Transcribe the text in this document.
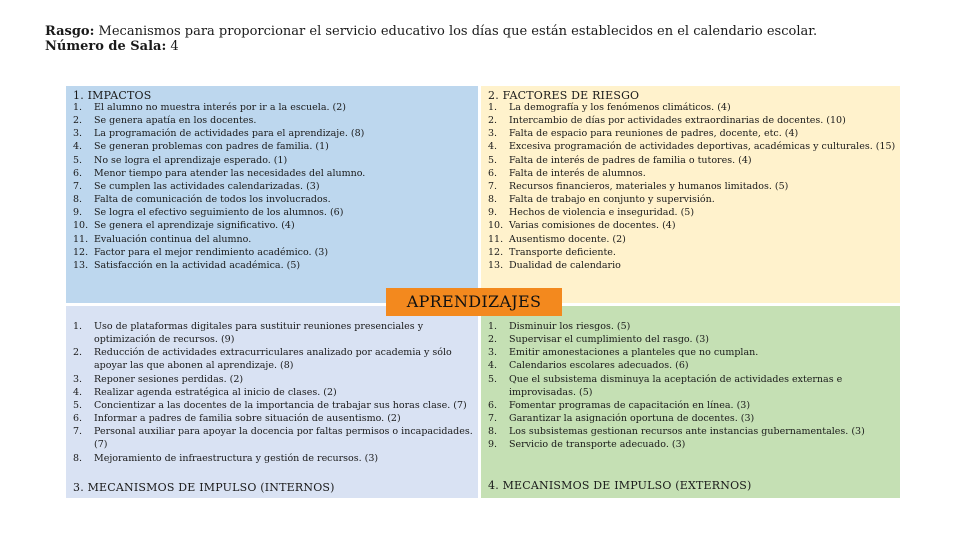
Rasgo: Mecanismos para proporcionar el servicio educativo los días que están establecidos en el calendario escolar.
Número de Sala: 4
1. IMPACTOS
1. El alumno no muestra interés por ir a la escuela. (2)
2. Se genera apatía en los docentes.
3. La programación de actividades para el aprendizaje. (8)
4. Se generan problemas con padres de familia. (1)
5. No se logra el aprendizaje esperado. (1)
6. Menor tiempo para atender las necesidades del alumno.
7. Se cumplen las actividades calendarizadas. (3)
8. Falta de comunicación de todos los involucrados.
9. Se logra el efectivo seguimiento de los alumnos. (6)
10. Se genera el aprendizaje significativo. (4)
11. Evaluación continua del alumno.
12. Factor para el mejor rendimiento académico. (3)
13. Satisfacción en la actividad académica. (5)
2. FACTORES DE RIESGO
1. La demografía y los fenómenos climáticos. (4)
2. Intercambio de días por actividades extraordinarias de docentes. (10)
3. Falta de espacio para reuniones de padres, docente, etc. (4)
4. Excesiva programación de actividades deportivas, académicas y culturales. (15)
5. Falta de interés de padres de familia o tutores. (4)
6. Falta de interés de alumnos.
7. Recursos financieros, materiales y humanos limitados. (5)
8. Falta de trabajo en conjunto y supervisión.
9. Hechos de violencia e inseguridad. (5)
10. Varias comisiones de docentes. (4)
11. Ausentismo docente. (2)
12. Transporte deficiente.
13. Dualidad de calendario
1. Uso de plataformas digitales para sustituir reuniones presenciales y
optimización de recursos. (9)
2. Reducción de actividades extracurriculares analizado por academia y sólo
apoyar las que abonen al aprendizaje. (8)
3. Reponer sesiones perdidas. (2)
4. Realizar agenda estratégica al inicio de clases. (2)
5. Concientizar a las docentes de la importancia de trabajar sus horas clase. (7)
6. Informar a padres de familia sobre situación de ausentismo. (2)
7. Personal auxiliar para apoyar la docencia por faltas permisos o incapacidades.
(7)
8. Mejoramiento de infraestructura y gestión de recursos. (3)
3. MECANISMOS DE IMPULSO (INTERNOS)
1. Disminuir los riesgos. (5)
2. Supervisar el cumplimiento del rasgo. (3)
3. Emitir amonestaciones a planteles que no cumplan.
4. Calendarios escolares adecuados. (6)
5. Que el subsistema disminuya la aceptación de actividades externas e
improvisadas. (5)
6. Fomentar programas de capacitación en línea. (3)
7. Garantizar la asignación oportuna de docentes. (3)
8. Los subsistemas gestionan recursos ante instancias gubernamentales. (3)
9. Servicio de transporte adecuado. (3)
4. MECANISMOS DE IMPULSO (EXTERNOS)
APRENDIZAJES
